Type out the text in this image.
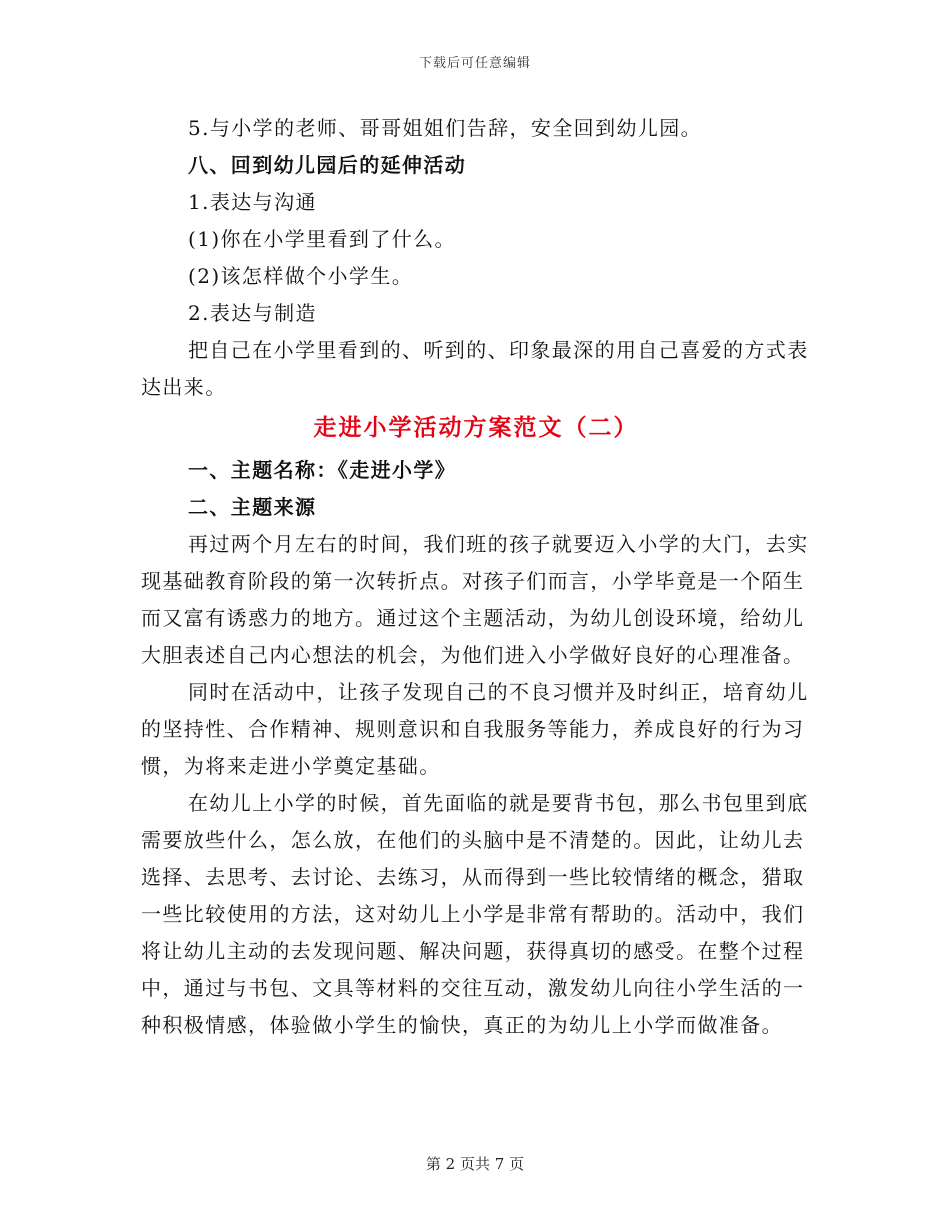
下载后可任意编辑

5.与小学的老师、哥哥姐姐们告辞，安全回到幼儿园。

八、回到幼儿园后的延伸活动

1.表达与沟通

(1)你在小学里看到了什么。

(2)该怎样做个小学生。

2.表达与制造

把自己在小学里看到的、听到的、印象最深的用自己喜爱的方式表达出来。

走进小学活动方案范文（二）

一、主题名称：《走进小学》

二、主题来源

再过两个月左右的时间，我们班的孩子就要迈入小学的大门，去实现基础教育阶段的第一次转折点。对孩子们而言，小学毕竟是一个陌生而又富有诱惑力的地方。通过这个主题活动，为幼儿创设环境，给幼儿大胆表述自己内心想法的机会，为他们进入小学做好良好的心理准备。

同时在活动中，让孩子发现自己的不良习惯并及时纠正，培育幼儿的坚持性、合作精神、规则意识和自我服务等能力，养成良好的行为习惯，为将来走进小学奠定基础。

在幼儿上小学的时候，首先面临的就是要背书包，那么书包里到底需要放些什么，怎么放，在他们的头脑中是不清楚的。因此，让幼儿去选择、去思考、去讨论、去练习，从而得到一些比较情绪的概念，猎取一些比较使用的方法，这对幼儿上小学是非常有帮助的。活动中，我们将让幼儿主动的去发现问题、解决问题，获得真切的感受。在整个过程中，通过与书包、文具等材料的交往互动，激发幼儿向往小学生活的一种积极情感，体验做小学生的愉快，真正的为幼儿上小学而做准备。

第 2 页共 7 页
